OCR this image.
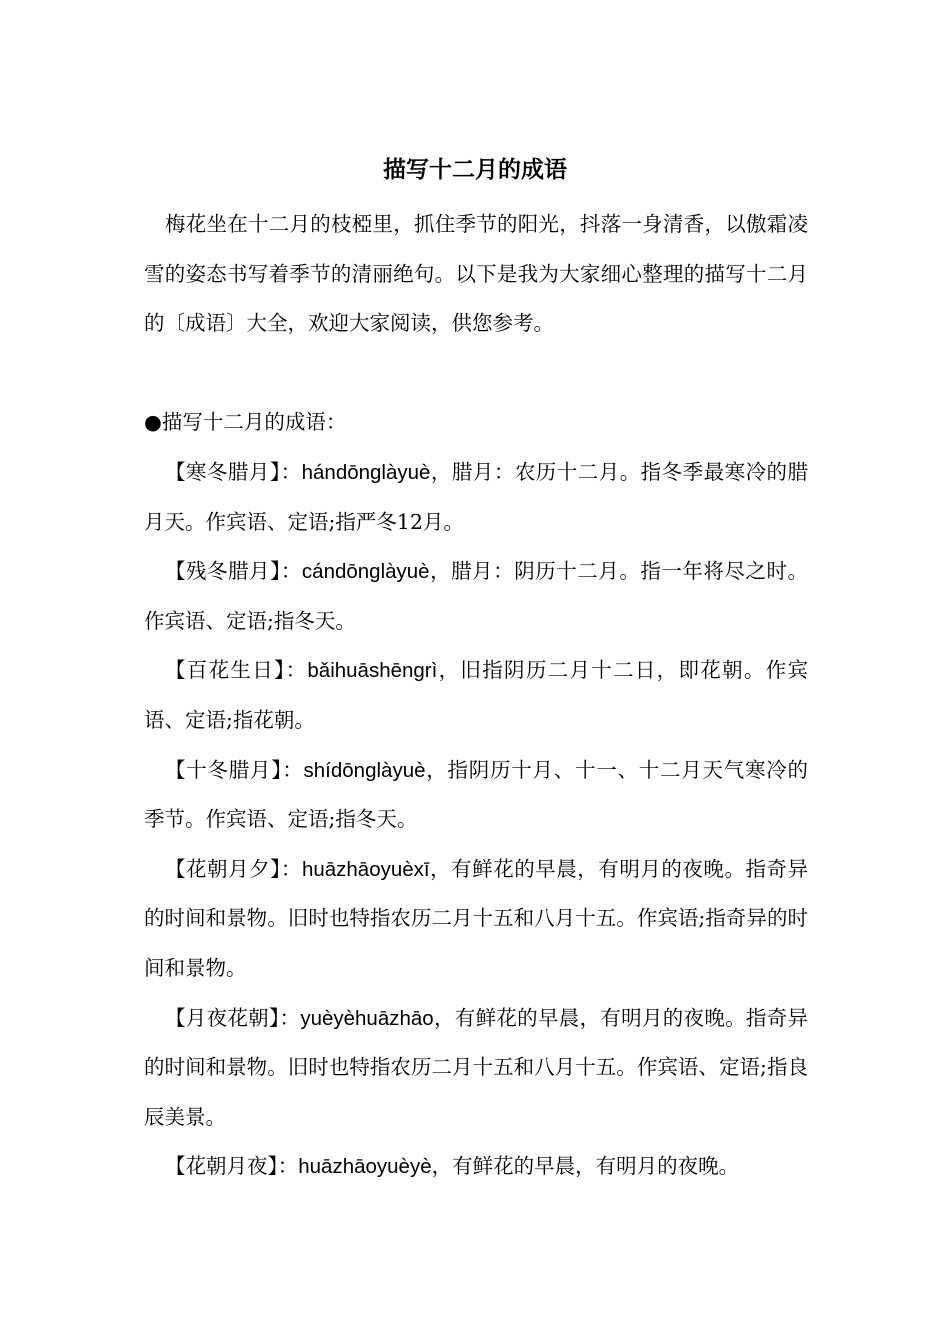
描写十二月的成语

梅花坐在十二月的枝椏里，抓住季节的阳光，抖落一身清香，以傲霜凌雪的姿态书写着季节的清丽绝句。以下是我为大家细心整理的描写十二月的〔成语〕大全，欢迎大家阅读，供您参考。

●描写十二月的成语：

【寒冬腊月】：hándōnglàyuè，腊月：农历十二月。指冬季最寒冷的腊月天。作宾语、定语;指严冬12月。

【残冬腊月】：cándōnglàyuè，腊月：阴历十二月。指一年将尽之时。作宾语、定语;指冬天。

【百花生日】：bǎihuāshēngrì，旧指阴历二月十二日，即花朝。作宾语、定语;指花朝。

【十冬腊月】：shídōnglàyuè，指阴历十月、十一、十二月天气寒冷的季节。作宾语、定语;指冬天。

【花朝月夕】：huāzhāoyuèxī，有鲜花的早晨，有明月的夜晚。指奇异的时间和景物。旧时也特指农历二月十五和八月十五。作宾语;指奇异的时间和景物。

【月夜花朝】：yuèyèhuāzhāo，有鲜花的早晨，有明月的夜晚。指奇异的时间和景物。旧时也特指农历二月十五和八月十五。作宾语、定语;指良辰美景。

【花朝月夜】：huāzhāoyuèyè，有鲜花的早晨，有明月的夜晚。
